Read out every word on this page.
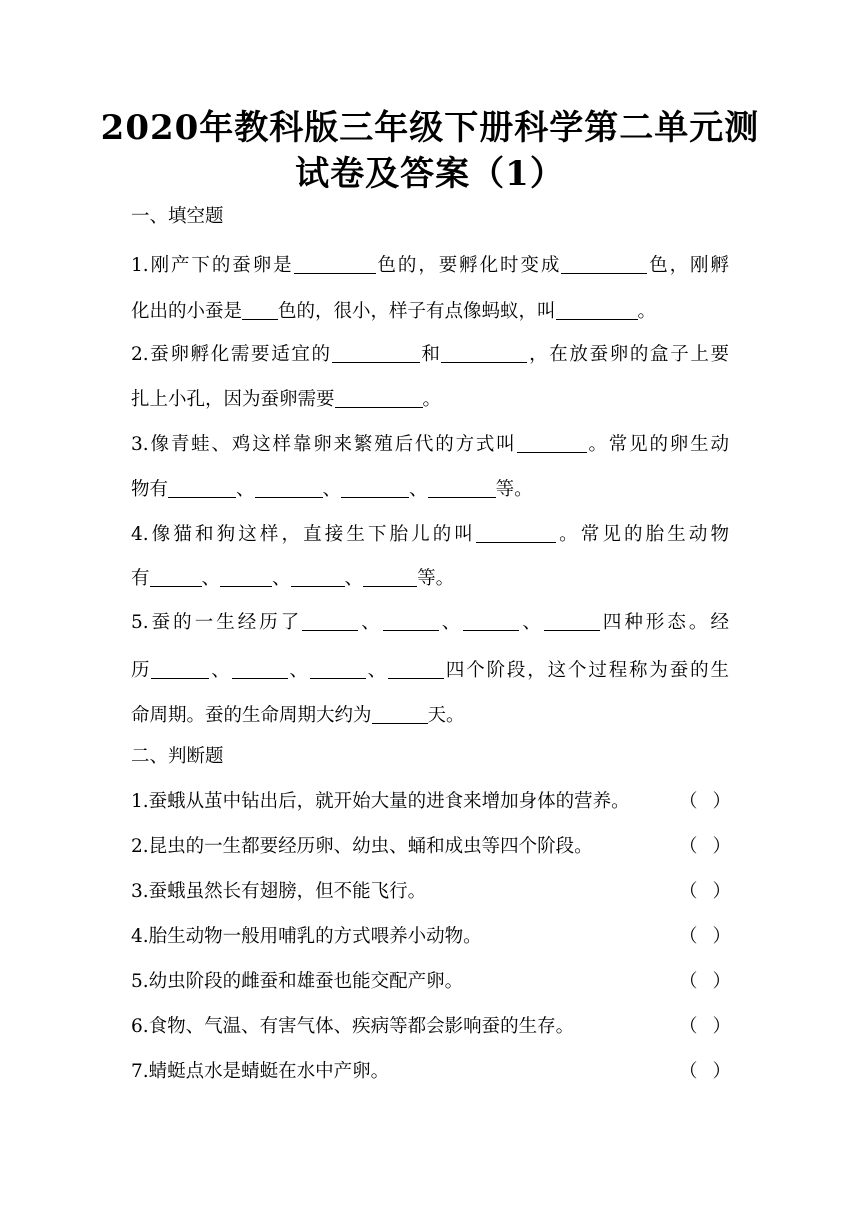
2020年教科版三年级下册科学第二单元测
试卷及答案（1）
一、填空题
1.刚产下的蚕卵是	色的，要孵化时变成	色，刚孵
化出的小蚕是 色的，很小，样子有点像蚂蚁，叫	。
2.蚕卵孵化需要适宜的	和	，在放蚕卵的盒子上要
扎上小孔，因为蚕卵需要	。
3.像青蛙、鸡这样靠卵来繁殖后代的方式叫	。常见的卵生动
物有	、	、	、	等。
4.像猫和狗这样，直接生下胎儿的叫	。常见的胎生动物
有	、	、	、	等。
5.蚕的一生经历了	、	、	、	四种形态。经
历	、	、	、	四个阶段，这个过程称为蚕的生
命周期。蚕的生命周期大约为	天。
二、判断题
1.蚕蛾从茧中钻出后，就开始大量的进食来增加身体的营养。	（ ）
2.昆虫的一生都要经历卵、幼虫、蛹和成虫等四个阶段。	（ ）
3.蚕蛾虽然长有翅膀，但不能飞行。	（ ）
4.胎生动物一般用哺乳的方式喂养小动物。	（ ）
5.幼虫阶段的雌蚕和雄蚕也能交配产卵。	（ ）
6.食物、气温、有害气体、疾病等都会影响蚕的生存。	（ ）
7.蜻蜓点水是蜻蜓在水中产卵。	（ ）
